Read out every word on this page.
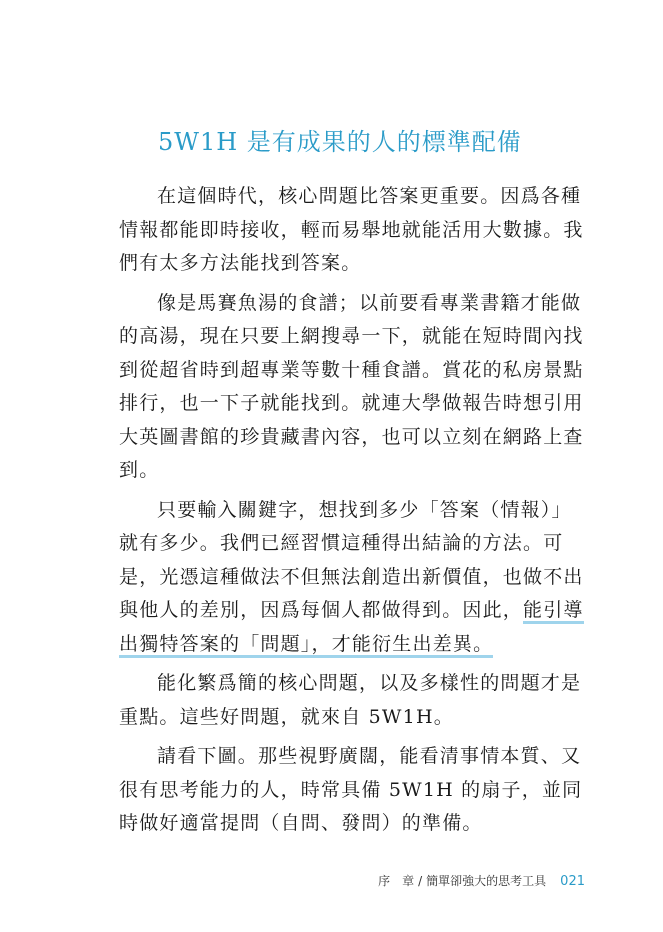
5W1H 是有成果的人的標準配備

在這個時代，核心問題比答案更重要。因爲各種情報都能即時接收，輕而易舉地就能活用大數據。我們有太多方法能找到答案。

像是馬賽魚湯的食譜；以前要看專業書籍才能做的高湯，現在只要上網搜尋一下，就能在短時間內找到從超省時到超專業等數十種食譜。賞花的私房景點排行，也一下子就能找到。就連大學做報告時想引用大英圖書館的珍貴藏書內容，也可以立刻在網路上查到。

只要輸入關鍵字，想找到多少「答案（情報）」就有多少。我們已經習慣這種得出結論的方法。可是，光憑這種做法不但無法創造出新價值，也做不出與他人的差別，因爲每個人都做得到。因此，能引導出獨特答案的「問題」，才能衍生出差異。

能化繁爲簡的核心問題，以及多樣性的問題才是重點。這些好問題，就來自 5W1H。

請看下圖。那些視野廣闊，能看清事情本質、又很有思考能力的人，時常具備 5W1H 的扇子，並同時做好適當提問（自問、發問）的準備。

序　章 / 簡單卻強大的思考工具 021
